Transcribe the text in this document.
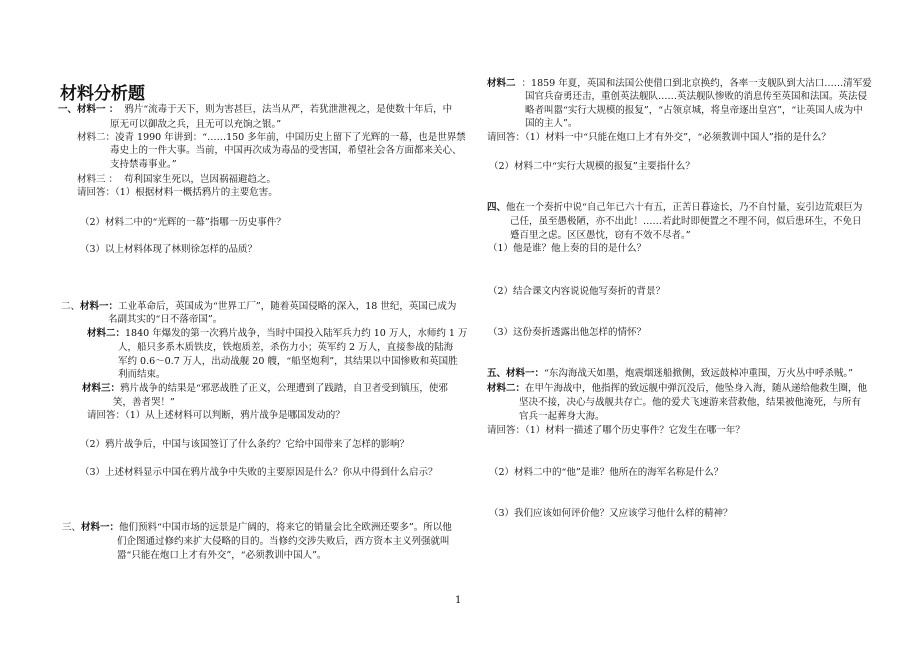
材料分析题
一、材料一 ： 鸦片“流毒于天下，则为害甚巨，法当从严，若犹泄泄视之，是使数十年后，中
原无可以御敌之兵，且无可以充饷之银。”
材料二：凌青 1990 年讲到：“……150 多年前，中国历史上留下了光辉的一幕，也是世界禁
毒史上的一件大事。当前，中国再次成为毒品的受害国，希望社会各方面都来关心、
支持禁毒事业。”
材料三 ： 苟利国家生死以，岂因祸福避趋之。
请回答：（1）根据材料一概括鸦片的主要危害。
（2）材料二中的“光辉的一幕”指哪一历史事件？
（3）以上材料体现了林则徐怎样的品质？
二、材料一：工业革命后，英国成为“世界工厂”，随着英国侵略的深入，18 世纪，英国已成为
名副其实的“日不落帝国”。
材料二：1840 年爆发的第一次鸦片战争，当时中国投入陆军兵力约 10 万人，水师约 1 万
人，船只多系木质铁皮，铁炮质差，杀伤力小；英军约 2 万人，直接参战的陆海
军约 0.6～0.7 万人，出动战舰 20 艘，“船坚炮利”，其结果以中国惨败和英国胜
利而结束。
材料三：鸦片战争的结果是“邪恶战胜了正义，公理遭到了践踏，自卫者受到镇压，使邪
笑，善者哭！”
请回答：（1）从上述材料可以判断，鸦片战争是哪国发动的？
（2）鸦片战争后，中国与该国签订了什么条约？它给中国带来了怎样的影响？
（3）上述材料显示中国在鸦片战争中失败的主要原因是什么？你从中得到什么启示？
三、材料一：他们预料“中国市场的远景是广阔的，将来它的销量会比全欧洲还要多”。所以他
们企图通过修约来扩大侵略的目的。当修约交涉失败后，西方资本主义列强就叫
嚣“只能在炮口上才有外交”，“必须教训中国人”。
材料二 ：1859 年夏，英国和法国公使借口到北京换约，各率一支舰队到大沽口……清军爱
国官兵奋勇还击，重创英法舰队……英法舰队惨败的消息传至英国和法国。英法侵
略者叫嚣“实行大规模的报复”，“占领京城，将皇帝逐出皇宫”，“让英国人成为中
国的主人”。
请回答：（1）材料一中“只能在炮口上才有外交”，“必须教训中国人”指的是什么？
（2）材料二中“实行大规模的报复”主要指什么？
四、他在一个奏折中说“自己年已六十有五，正苦日暮途长，乃不自忖量，妄引边荒艰巨为
己任，虽至愚极陋，亦不出此！……若此时即便置之不理不问，似后患环生，不免日
蹙百里之虑。区区愚忱，窃有不效不尽者。”
（1）他是谁？他上奏的目的是什么？
（2）结合课文内容说说他写奏折的背景？
（3）这份奏折透露出他怎样的情怀？
五、材料一：“东沟海战天如墨，炮震烟迷船掀侧，致远鼓棹冲重围，万火丛中呼杀贼。”
材料二：在甲午海战中，他指挥的致远舰中弹沉没后，他坠身入海，随从递给他救生圈，他
坚决不接，决心与战舰共存亡。他的爱犬飞速游来营救他，结果被他淹死，与所有
官兵一起葬身大海。
请回答：（1）材料一描述了哪个历史事件？它发生在哪一年？
（2）材料二中的“他”是谁？他所在的海军名称是什么？
（3）我们应该如何评价他？又应该学习他什么样的精神？
1
